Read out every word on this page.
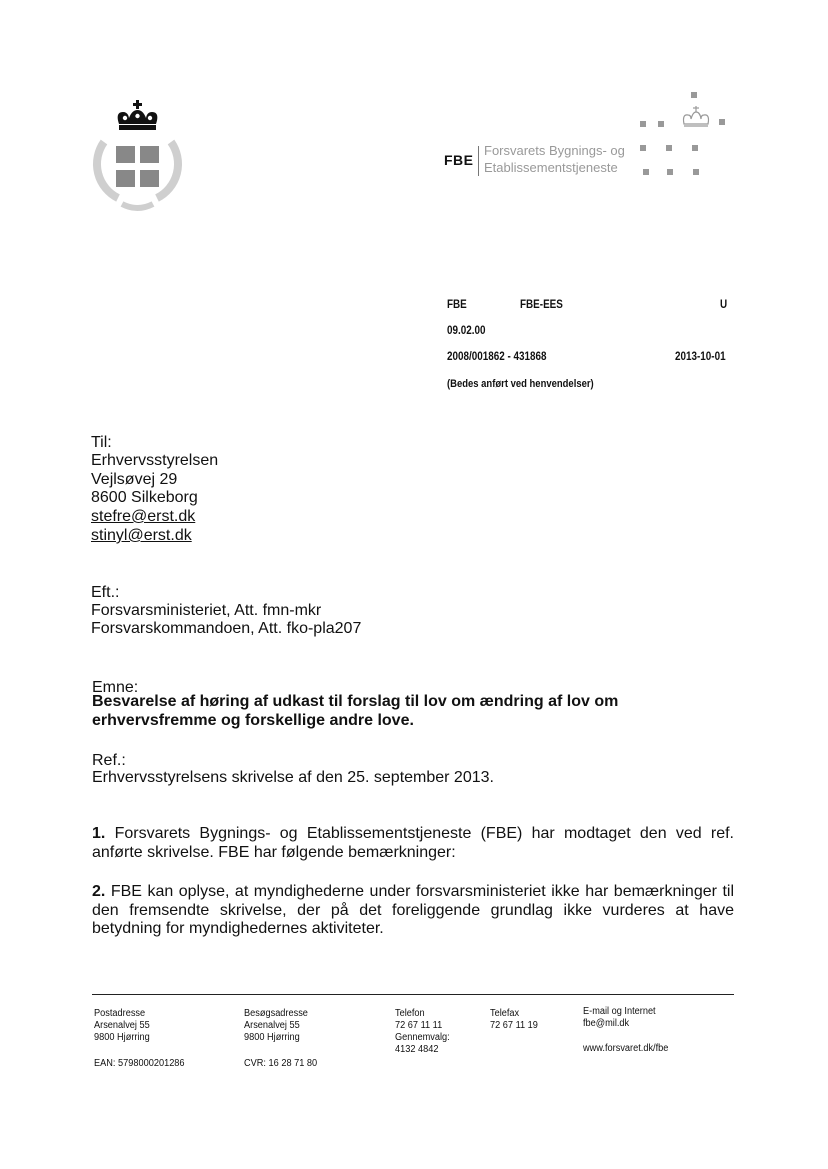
FBE
Forsvarets Bygnings- og
Etablissementstjeneste
FBE	FBE-EES	U
09.02.00
2008/001862 - 431868	2013-10-01
(Bedes anført ved henvendelser)
Til:
Erhvervsstyrelsen
Vejlsøvej 29
8600 Silkeborg
stefre@erst.dk
stinyl@erst.dk
Eft.:
Forsvarsministeriet, Att. fmn-mkr
Forsvarskommandoen, Att. fko-pla207
Emne:
Besvarelse af høring af udkast til forslag til lov om ændring af lov om
erhvervsfremme og forskellige andre love.
Ref.:
Erhvervsstyrelsens skrivelse af den 25. september 2013.
1. Forsvarets Bygnings- og Etablissementstjeneste (FBE) har modtaget den ved ref. anførte skrivelse. FBE har følgende bemærkninger:
2. FBE kan oplyse, at myndighederne under forsvarsministeriet ikke har bemærkninger til den fremsendte skrivelse, der på det foreliggende grundlag ikke vurderes at have betydning for myndighedernes aktiviteter.
Postadresse
Arsenalvej 55
9800 Hjørring
EAN: 5798000201286
Besøgsadresse
Arsenalvej 55
9800 Hjørring
CVR: 16 28 71 80
Telefon
72 67 11 11
Gennemvalg:
4132 4842
Telefax
72 67 11 19
E-mail og Internet
fbe@mil.dk
www.forsvaret.dk/fbe
